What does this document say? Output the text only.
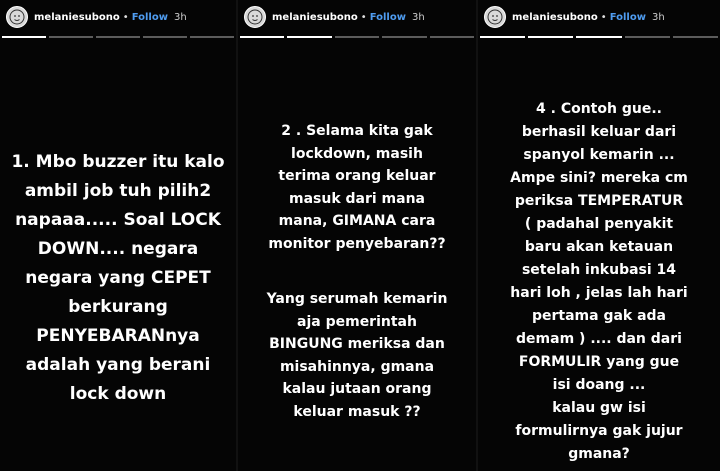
melaniesubono • Follow 3h
1. Mbo buzzer itu kalo
ambil job tuh pilih2
napaaa..... Soal LOCK
DOWN.... negara
negara yang CEPET
berkurang
PENYEBARANnya
adalah yang berani
lock down
melaniesubono • Follow 3h
2 . Selama kita gak
lockdown, masih
terima orang keluar
masuk dari mana
mana, GIMANA cara
monitor penyebaran??
Yang serumah kemarin
aja pemerintah
BINGUNG meriksa dan
misahinnya, gmana
kalau jutaan orang
keluar masuk ??
melaniesubono • Follow 3h
4 . Contoh gue..
berhasil keluar dari
spanyol kemarin ...
Ampe sini? mereka cm
periksa TEMPERATUR
( padahal penyakit
baru akan ketauan
setelah inkubasi 14
hari loh , jelas lah hari
pertama gak ada
demam ) .... dan dari
FORMULIR yang gue
isi doang ...
kalau gw isi
formulirnya gak jujur
gmana?
